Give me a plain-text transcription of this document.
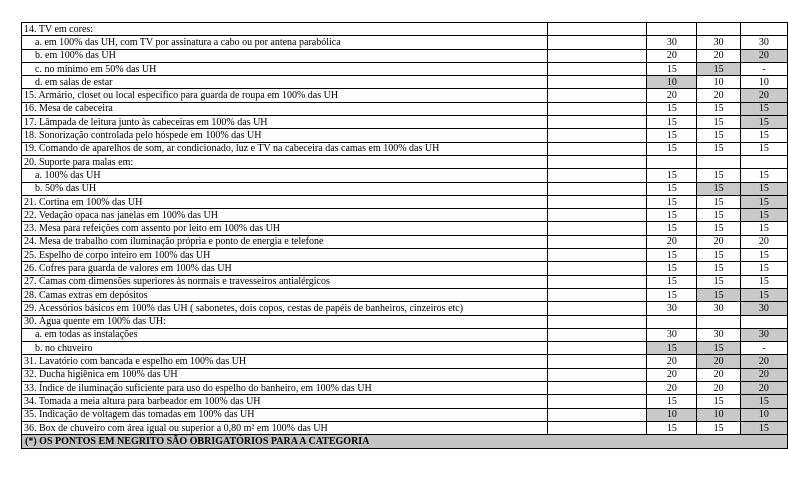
14. TV em cores:				
a. em 100% das UH, com TV por assinatura a cabo ou por antena parabólica		30	30	30
b. em 100% das UH		20	20	20
c. no mínimo em 50% das UH		15	15	-
d. em salas de estar		10	10	10
15. Armário, closet ou local específico para guarda de roupa em 100% das UH		20	20	20
16. Mesa de cabeceira		15	15	15
17. Lâmpada de leitura junto às cabeceiras em 100% das UH		15	15	15
18. Sonorização controlada pelo hóspede em 100% das UH		15	15	15
19. Comando de aparelhos de som, ar condicionado, luz e TV na cabeceira das camas em 100% das UH		15	15	15
20. Suporte para malas em:				
a. 100% das UH		15	15	15
b. 50% das UH		15	15	15
21. Cortina em 100% das UH		15	15	15
22. Vedação opaca nas janelas em 100% das UH		15	15	15
23. Mesa para refeições com assento por leito em 100% das UH		15	15	15
24. Mesa de trabalho com iluminação própria e ponto de energia e telefone		20	20	20
25. Espelho de corpo inteiro em 100% das UH		15	15	15
26. Cofres para guarda de valores em 100% das UH		15	15	15
27. Camas com dimensões superiores às normais e travesseiros antialérgicos		15	15	15
28. Camas extras em depósitos		15	15	15
29. Acessórios básicos em 100% das UH ( sabonetes, dois copos, cestas de papéis de banheiros, cinzeiros etc)		30	30	30
30. Água quente em 100% das UH:				
a. em todas as instalações		30	30	30
b. no chuveiro		15	15	-
31. Lavatório com bancada e espelho em 100% das UH		20	20	20
32. Ducha higiênica em 100% das UH		20	20	20
33. Índice de iluminação suficiente para uso do espelho do banheiro, em 100% das UH		20	20	20
34. Tomada a meia altura para barbeador em 100% das UH		15	15	15
35. Indicação de voltagem das tomadas em 100% das UH		10	10	10
36. Box de chuveiro com área igual ou superior a 0,80 m² em 100% das UH		15	15	15
(*) OS PONTOS EM NEGRITO SÃO OBRIGATÓRIOS PARA A CATEGORIA				
